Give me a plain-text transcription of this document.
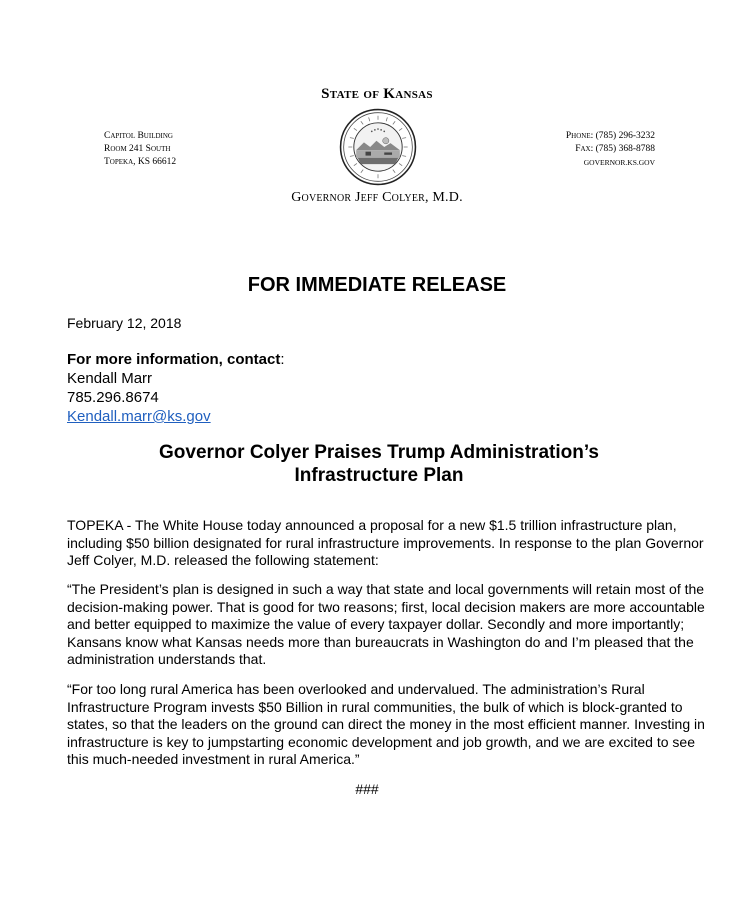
State of Kansas
Capitol Building
Room 241 South
Topeka, KS 66612
Phone: (785) 296-3232
Fax: (785) 368-8788
GOVERNOR.KS.GOV
Governor Jeff Colyer, M.D.
FOR IMMEDIATE RELEASE
February 12, 2018
For more information, contact:
Kendall Marr
785.296.8674
Kendall.marr@ks.gov
Governor Colyer Praises Trump Administration’s
Infrastructure Plan
TOPEKA - The White House today announced a proposal for a new $1.5 trillion infrastructure plan, including $50 billion designated for rural infrastructure improvements. In response to the plan Governor Jeff Colyer, M.D. released the following statement:
“The President’s plan is designed in such a way that state and local governments will retain most of the decision-making power. That is good for two reasons; first, local decision makers are more accountable and better equipped to maximize the value of every taxpayer dollar. Secondly and more importantly; Kansans know what Kansas needs more than bureaucrats in Washington do and I’m pleased that the administration understands that.
“For too long rural America has been overlooked and undervalued. The administration’s Rural Infrastructure Program invests $50 Billion in rural communities, the bulk of which is block-granted to states, so that the leaders on the ground can direct the money in the most efficient manner. Investing in infrastructure is key to jumpstarting economic development and job growth, and we are excited to see this much-needed investment in rural America.”
###
